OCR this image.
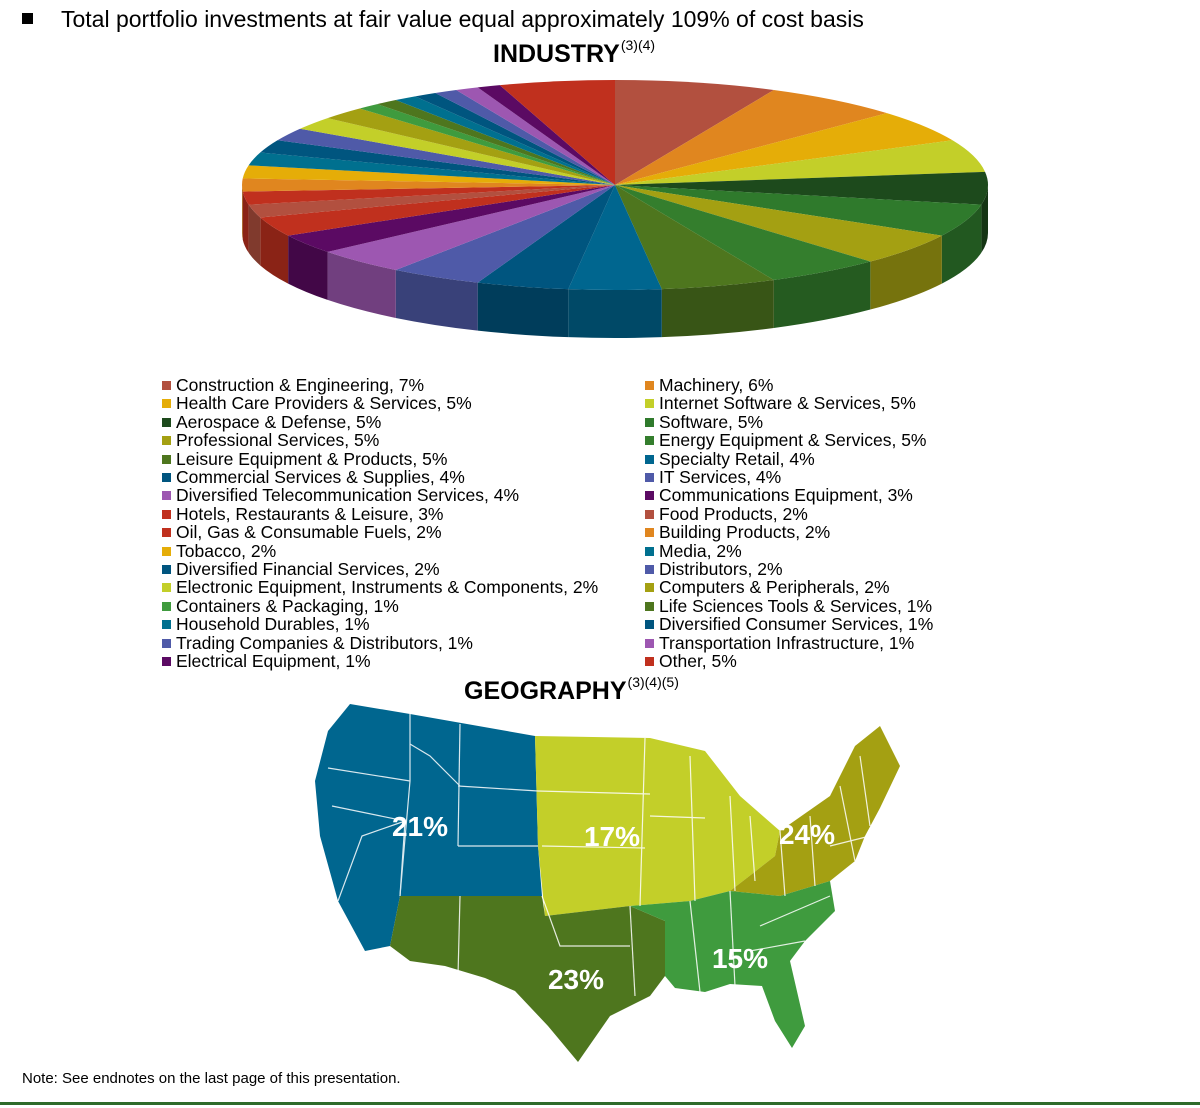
Total portfolio investments at fair value equal approximately 109% of cost basis
$INDUSTRY^{(3)(4)}$
Construction & Engineering, 7%
Health Care Providers & Services, 5%
Aerospace & Defense, 5%
Professional Services, 5%
Leisure Equipment & Products, 5%
Commercial Services & Supplies, 4%
Diversified Telecommunication Services, 4%
Hotels, Restaurants & Leisure, 3%
Oil, Gas & Consumable Fuels, 2%
Tobacco, 2%
Diversified Financial Services, 2%
Electronic Equipment, Instruments & Components, 2%
Containers & Packaging, 1%
Household Durables, 1%
Trading Companies & Distributors, 1%
Electrical Equipment, 1%
Machinery, 6%
Internet Software & Services, 5%
Software, 5%
Energy Equipment & Services, 5%
Specialty Retail, 4%
IT Services, 4%
Communications Equipment, 3%
Food Products, 2%
Building Products, 2%
Media, 2%
Distributors, 2%
Computers & Peripherals, 2%
Life Sciences Tools & Services, 1%
Diversified Consumer Services, 1%
Transportation Infrastructure, 1%
Other, 5%
$GEOGRAPHY^{(3)(4)(5)}$
21%	17%	24%
23%
15%
Note: See endnotes on the last page of this presentation.
